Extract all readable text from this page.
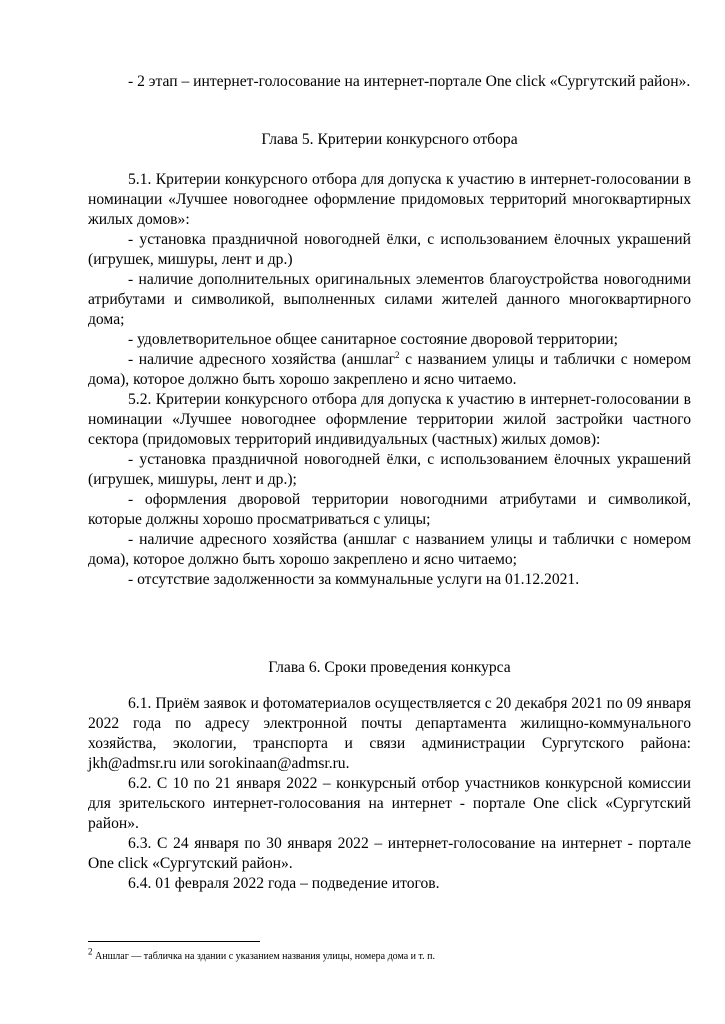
- 2 этап – интернет-голосование на интернет-портале One click «Сургутский район».

Глава 5. Критерии конкурсного отбора

5.1. Критерии конкурсного отбора для допуска к участию в интернет-голосовании в номинации «Лучшее новогоднее оформление придомовых территорий многоквартирных жилых домов»:

- установка праздничной новогодней ёлки, с использованием ёлочных украшений (игрушек, мишуры, лент и др.)

- наличие дополнительных оригинальных элементов благоустройства новогодними атрибутами и символикой, выполненных силами жителей данного многоквартирного дома;

- удовлетворительное общее санитарное состояние дворовой территории;

- наличие адресного хозяйства (аншлаг$^2$ с названием улицы и таблички с номером дома), которое должно быть хорошо закреплено и ясно читаемо.

5.2. Критерии конкурсного отбора для допуска к участию в интернет-голосовании в номинации «Лучшее новогоднее оформление территории жилой застройки частного сектора (придомовых территорий индивидуальных (частных) жилых домов):

- установка праздничной новогодней ёлки, с использованием ёлочных украшений (игрушек, мишуры, лент и др.);

- оформления дворовой территории новогодними атрибутами и символикой, которые должны хорошо просматриваться с улицы;

- наличие адресного хозяйства (аншлаг с названием улицы и таблички с номером дома), которое должно быть хорошо закреплено и ясно читаемо;

- отсутствие задолженности за коммунальные услуги на 01.12.2021.

Глава 6. Сроки проведения конкурса

6.1. Приём заявок и фотоматериалов осуществляется с 20 декабря 2021 по 09 января 2022 года по адресу электронной почты департамента жилищно-коммунального хозяйства, экологии, транспорта и связи администрации Сургутского района: jkh@admsr.ru или sorokinaan@admsr.ru.

6.2. С 10 по 21 января 2022 – конкурсный отбор участников конкурсной комиссии для зрительского интернет-голосования на интернет - портале One click «Сургутский район».

6.3. С 24 января по 30 января 2022 – интернет-голосование на интернет - портале One click «Сургутский район».

6.4. 01 февраля 2022 года – подведение итогов.

$^2$ Аншлаг — табличка на здании с указанием названия улицы, номера дома и т. п.
